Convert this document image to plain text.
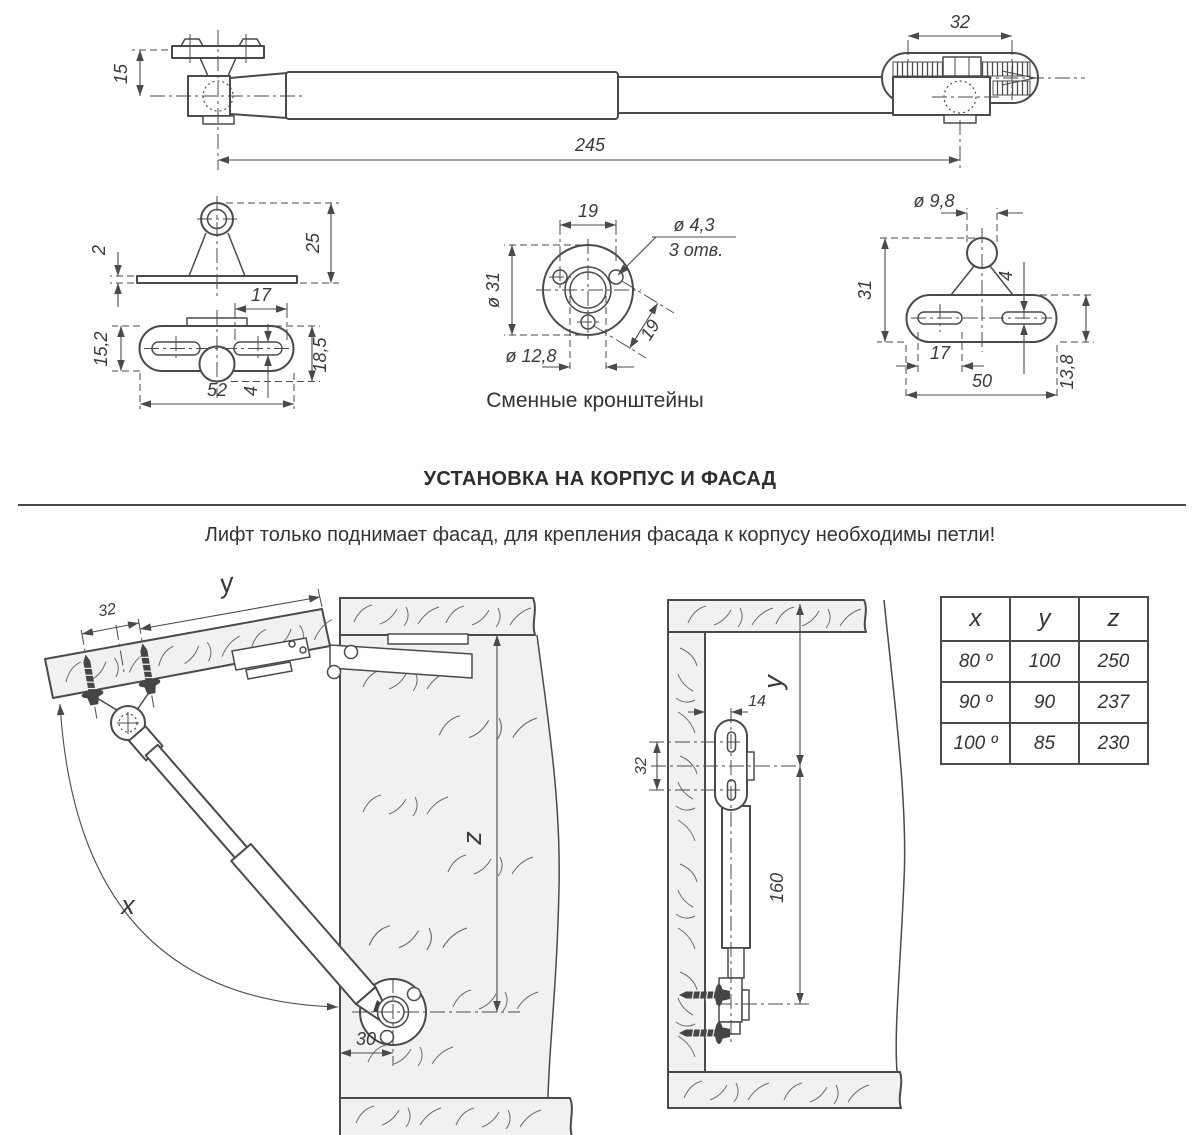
32
15
245
2	25
17
15,2	18,5
4
52
19
ø 4,3
3 отв.
ø 31
19
ø 12,8
ø 9,8
31
4
17
50	13,8
Сменные кронштейны
УСТАНОВКА НА КОРПУС И ФАСАД
Лифт только поднимает фасад, для крепления фасада к корпусу необходимы петли!
32
y
x
z
30
32
14
y
160
x	y	z
80 º	100	250
90 º	90	237
100 º	85	230
